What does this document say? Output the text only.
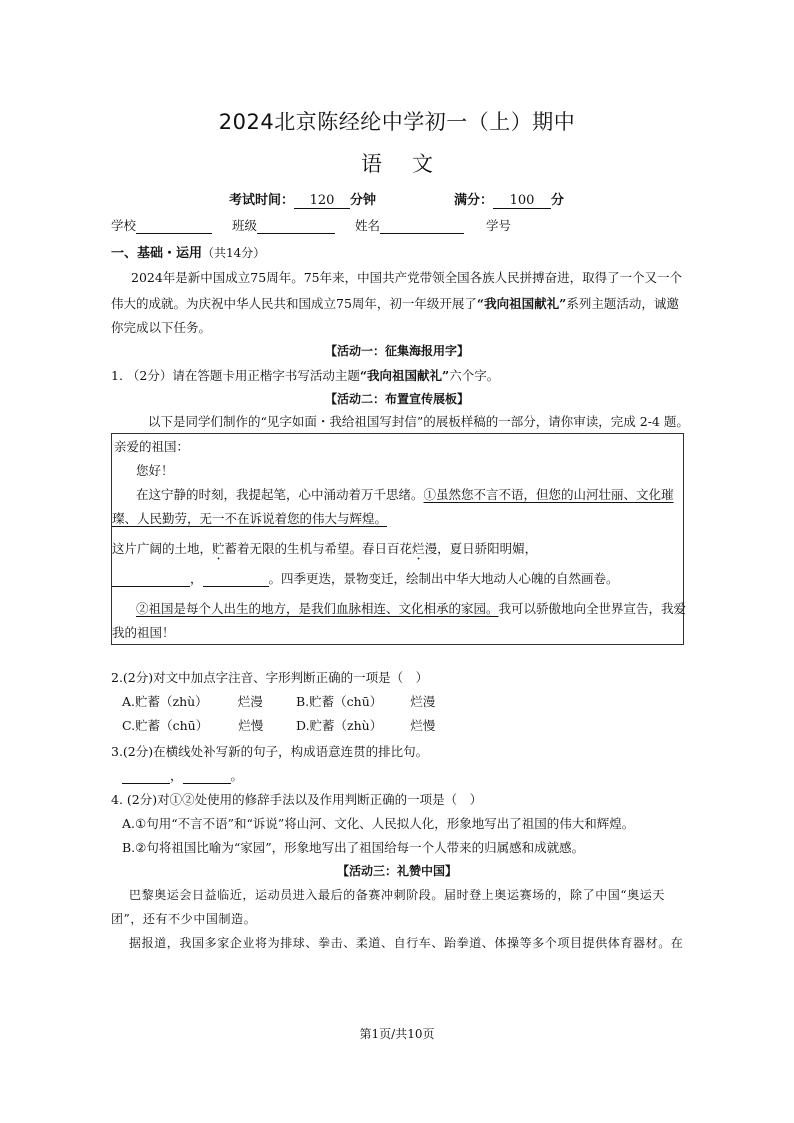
2024北京陈经纶中学初一（上）期中
语文
考试时间： 120 分钟	满分： 100 分
学校	班级	姓名	学号
一、基础・运用（共14分）
2024年是新中国成立75周年。75年来，中国共产党带领全国各族人民拼搏奋进，取得了一个又一个
伟大的成就。为庆祝中华人民共和国成立75周年，初一年级开展了“我向祖国献礼”系列主题活动，诚邀
你完成以下任务。
【活动一：征集海报用字】
1. （2分）请在答题卡用正楷字书写活动主题“我向祖国献礼”六个字。
【活动二：布置宣传展板】
以下是同学们制作的“见字如面・我给祖国写封信”的展板样稿的一部分，请你审读，完成 2-4 题。
亲爱的祖国：
您好！
在这宁静的时刻，我提起笔，心中涌动着万千思绪。①虽然您不言不语，但您的山河壮丽、文化璀
璨、人民勤劳，无一不在诉说着您的伟大与辉煌。
这片广阔的土地，贮蓄着无限的生机与希望。春日百花烂漫，夏日骄阳明媚，
，	。四季更迭，景物变迁，绘制出中华大地动人心魄的自然画卷。
②祖国是每个人出生的地方，是我们血脉相连、文化相承的家园。我可以骄傲地向全世界宣告，我爱
我的祖国！
2.(2分)对文中加点字注音、字形判断正确的一项是（　）
A.贮蓄（zhù） 烂漫	B.贮蓄（chū） 烂漫
C.贮蓄（chū） 烂慢	D.贮蓄（zhù） 烂慢
3.(2分)在横线处补写新的句子，构成语意连贯的排比句。
，	。
4. (2分)对①②处使用的修辞手法以及作用判断正确的一项是（　）
A.①句用“不言不语”和“诉说”将山河、文化、人民拟人化，形象地写出了祖国的伟大和辉煌。
B.②句将祖国比喻为“家园”，形象地写出了祖国给每一个人带来的归属感和成就感。
【活动三：礼赞中国】
巴黎奥运会日益临近，运动员进入最后的备赛冲刺阶段。届时登上奥运赛场的，除了中国“奥运天
团”，还有不少中国制造。
据报道，我国多家企业将为排球、拳击、柔道、自行车、跆拳道、体操等多个项目提供体育器材。在
第1页/共10页
